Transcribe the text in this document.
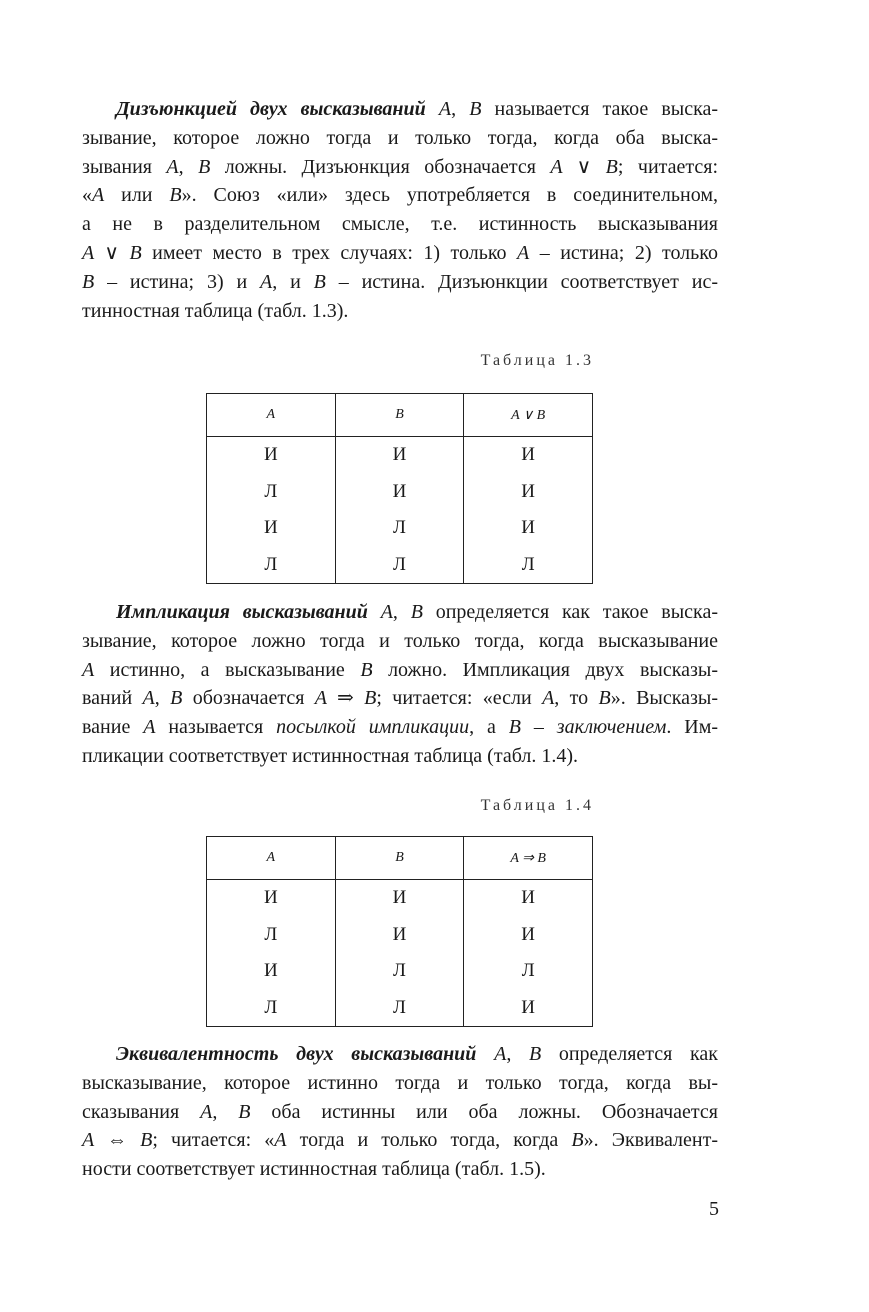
Дизъюнкцией двух высказываний A, B называется такое выска-
зывание, которое ложно тогда и только тогда, когда оба выска-
зывания A, B ложны. Дизъюнкция обозначается A ∨ B; читается:
«A или B». Союз «или» здесь употребляется в соединительном,
а не в разделительном смысле, т.е. истинность высказывания
A ∨ B имеет место в трех случаях: 1) только A – истина; 2) только
B – истина; 3) и A, и B – истина. Дизъюнкции соответствует ис-
тинностная таблица (табл. 1.3).

Таблица 1.3
A	B	A ∨ B
И	И	И
Л	И	И
И	Л	И
Л	Л	Л

Импликация высказываний A, B определяется как такое выска-
зывание, которое ложно тогда и только тогда, когда высказывание
A истинно, а высказывание B ложно. Импликация двух высказы-
ваний A, B обозначается A ⇒ B; читается: «если A, то B». Высказы-
вание A называется посылкой импликации, а B – заключением. Им-
пликации соответствует истинностная таблица (табл. 1.4).

Таблица 1.4
A	B	A ⇒ B
И	И	И
Л	И	И
И	Л	Л
Л	Л	И

Эквивалентность двух высказываний A, B определяется как
высказывание, которое истинно тогда и только тогда, когда вы-
сказывания A, B оба истинны или оба ложны. Обозначается
A ⇔ B; читается: «A тогда и только тогда, когда B». Эквивалент-
ности соответствует истинностная таблица (табл. 1.5).

5
